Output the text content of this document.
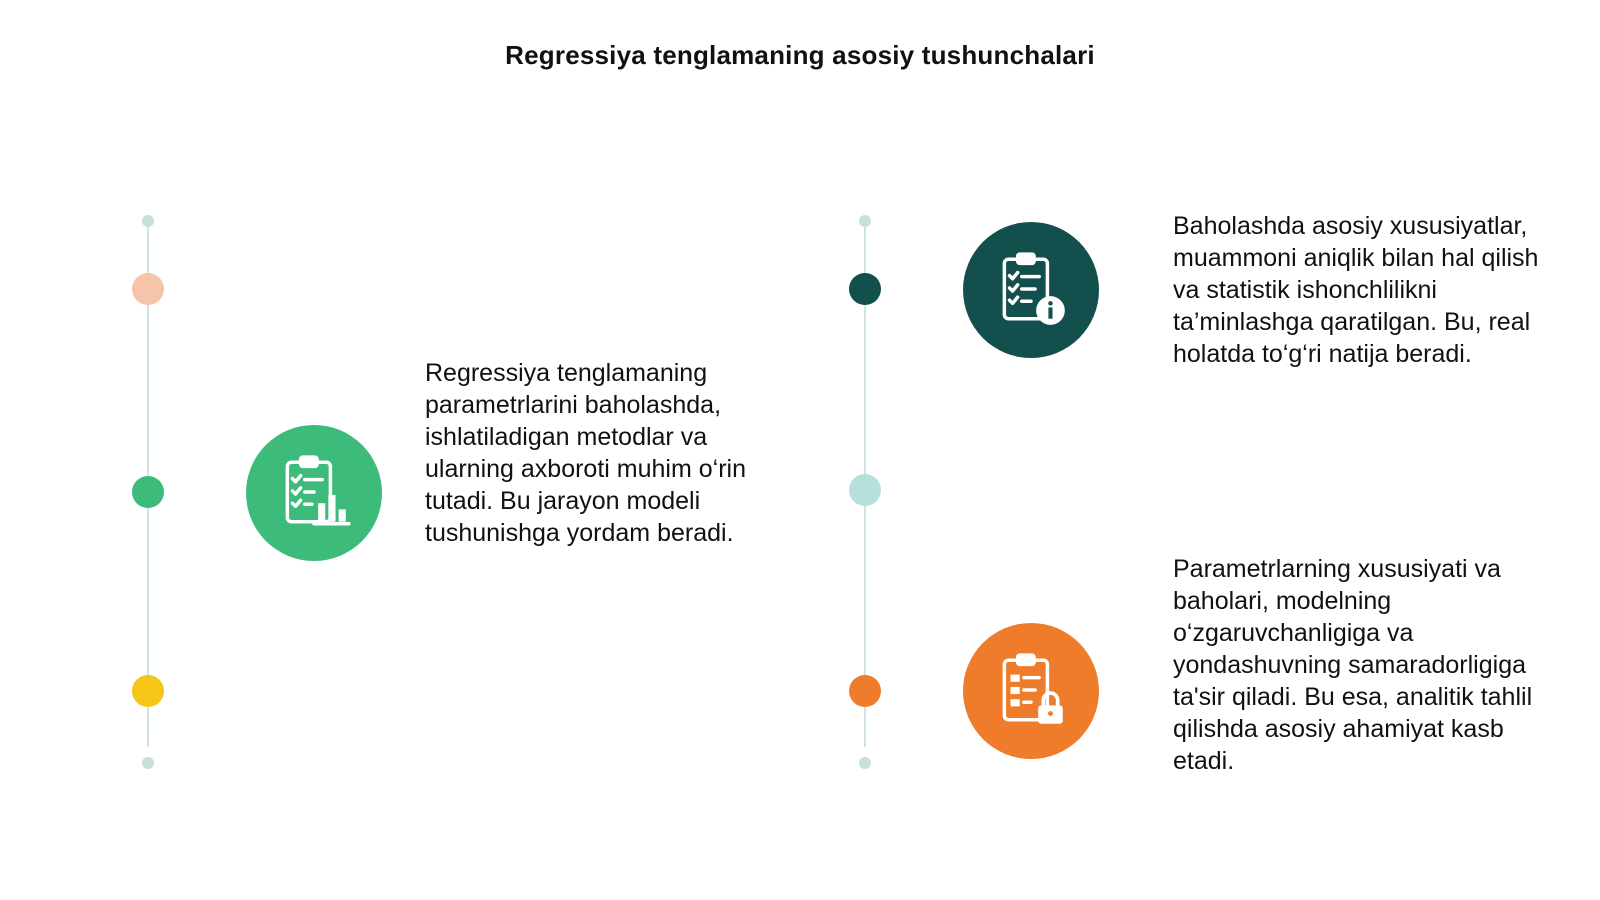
Regressiya tenglamaning asosiy tushunchalari
Regressiya tenglamaning parametrlarini baholashda, ishlatiladigan metodlar va ularning axboroti muhim o‘rin tutadi. Bu jarayon modeli tushunishga yordam beradi.
Baholashda asosiy xususiyatlar, muammoni aniqlik bilan hal qilish va statistik ishonchlilikni ta’minlashga qaratilgan. Bu, real holatda to‘g‘ri natija beradi.
Parametrlarning xususiyati va baholari, modelning o‘zgaruvchanligiga va yondashuvning samaradorligiga ta'sir qiladi. Bu esa, analitik tahlil qilishda asosiy ahamiyat kasb etadi.
